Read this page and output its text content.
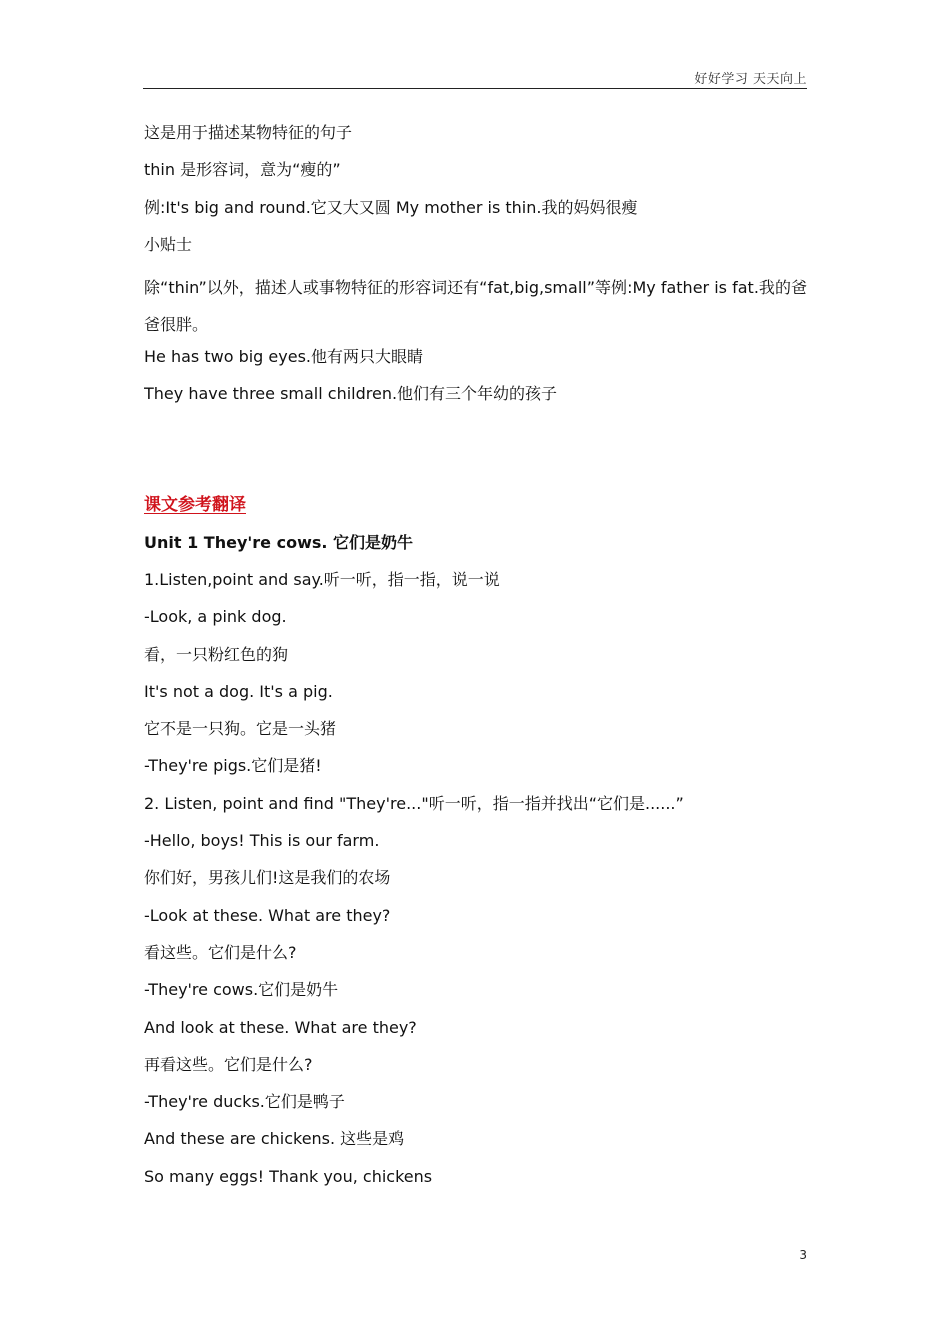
好好学习 天天向上
这是用于描述某物特征的句子
thin 是形容词，意为“瘦的”
例:It's big and round.它又大又圆 My mother is thin.我的妈妈很瘦
小贴士
除“thin”以外，描述人或事物特征的形容词还有“fat,big,small”等例:My father is fat.我的爸爸很胖。
He has two big eyes.他有两只大眼睛
They have three small children.他们有三个年幼的孩子
课文参考翻译
Unit 1 They're cows. 它们是奶牛
1.Listen,point and say.听一听，指一指，说一说
-Look, a pink dog.
看，一只粉红色的狗
It's not a dog. It's a pig.
它不是一只狗。它是一头猪
-They're pigs.它们是猪!
2. Listen, point and find "They're..."听一听，指一指并找出“它们是......”
-Hello, boys! This is our farm.
你们好，男孩儿们!这是我们的农场
-Look at these. What are they?
看这些。它们是什么?
-They're cows.它们是奶牛
And look at these. What are they?
再看这些。它们是什么?
-They're ducks.它们是鸭子
And these are chickens. 这些是鸡
So many eggs! Thank you, chickens
3
